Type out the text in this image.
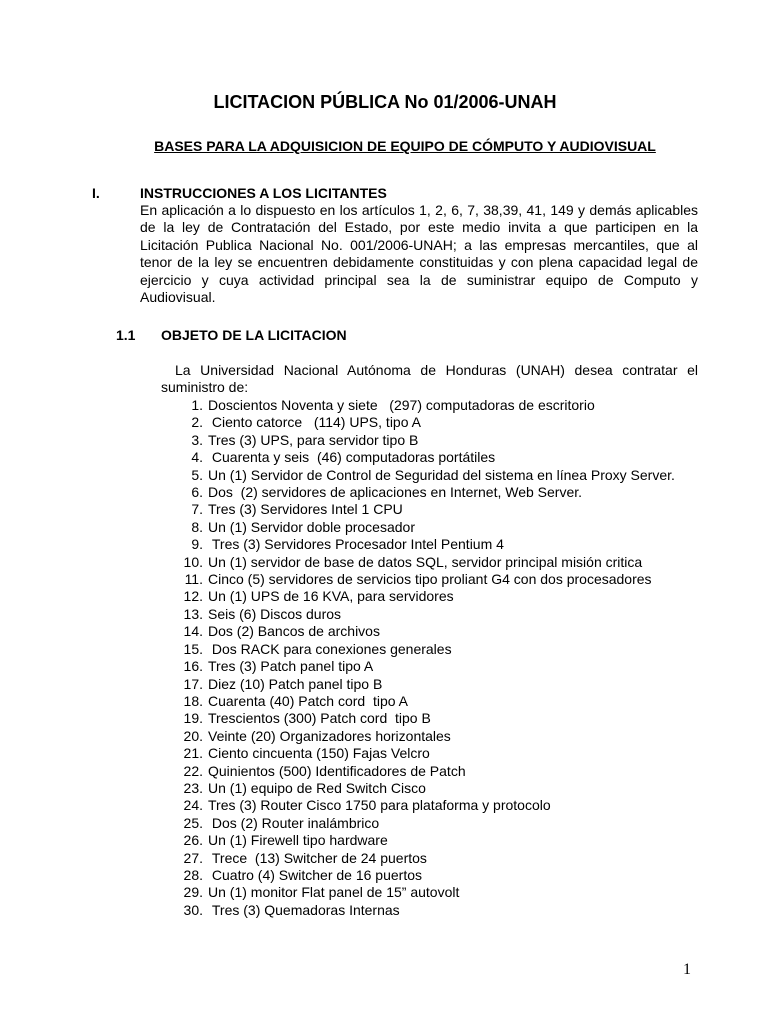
LICITACION PÚBLICA No 01/2006-UNAH
BASES PARA LA ADQUISICION DE EQUIPO DE CÓMPUTO Y AUDIOVISUAL
I.	INSTRUCCIONES A LOS LICITANTES
En aplicación a lo dispuesto en los artículos 1, 2, 6, 7, 38,39, 41, 149 y demás aplicables de la ley de Contratación del Estado, por este medio invita a que participen en la Licitación Publica Nacional No. 001/2006-UNAH; a las empresas mercantiles, que al tenor de la ley se encuentren debidamente constituidas y con plena capacidad legal de ejercicio y cuya actividad principal sea la de suministrar equipo de Computo y Audiovisual.
1.1 OBJETO DE LA LICITACION
La Universidad Nacional Autónoma de Honduras (UNAH) desea contratar el suministro de:
1. Doscientos Noventa y siete   (297) computadoras de escritorio
2. Ciento catorce   (114) UPS, tipo A
3. Tres (3) UPS, para servidor tipo B
4. Cuarenta y seis  (46) computadoras portátiles
5. Un (1) Servidor de Control de Seguridad del sistema en línea Proxy Server.
6. Dos  (2) servidores de aplicaciones en Internet, Web Server.
7. Tres (3) Servidores Intel 1 CPU
8. Un (1) Servidor doble procesador
9. Tres (3) Servidores Procesador Intel Pentium 4
10. Un (1) servidor de base de datos SQL, servidor principal misión critica
11. Cinco (5) servidores de servicios tipo proliant G4 con dos procesadores
12. Un (1) UPS de 16 KVA, para servidores
13. Seis (6) Discos duros
14. Dos (2) Bancos de archivos
15. Dos RACK para conexiones generales
16. Tres (3) Patch panel tipo A
17. Diez (10) Patch panel tipo B
18. Cuarenta (40) Patch cord  tipo A
19. Trescientos (300) Patch cord  tipo B
20. Veinte (20) Organizadores horizontales
21. Ciento cincuenta (150) Fajas Velcro
22. Quinientos (500) Identificadores de Patch
23. Un (1) equipo de Red Switch Cisco
24. Tres (3) Router Cisco 1750 para plataforma y protocolo
25. Dos (2) Router inalámbrico
26. Un (1) Firewell tipo hardware
27. Trece  (13) Switcher de 24 puertos
28. Cuatro (4) Switcher de 16 puertos
29. Un (1) monitor Flat panel de 15” autovolt
30. Tres (3) Quemadoras Internas
1
